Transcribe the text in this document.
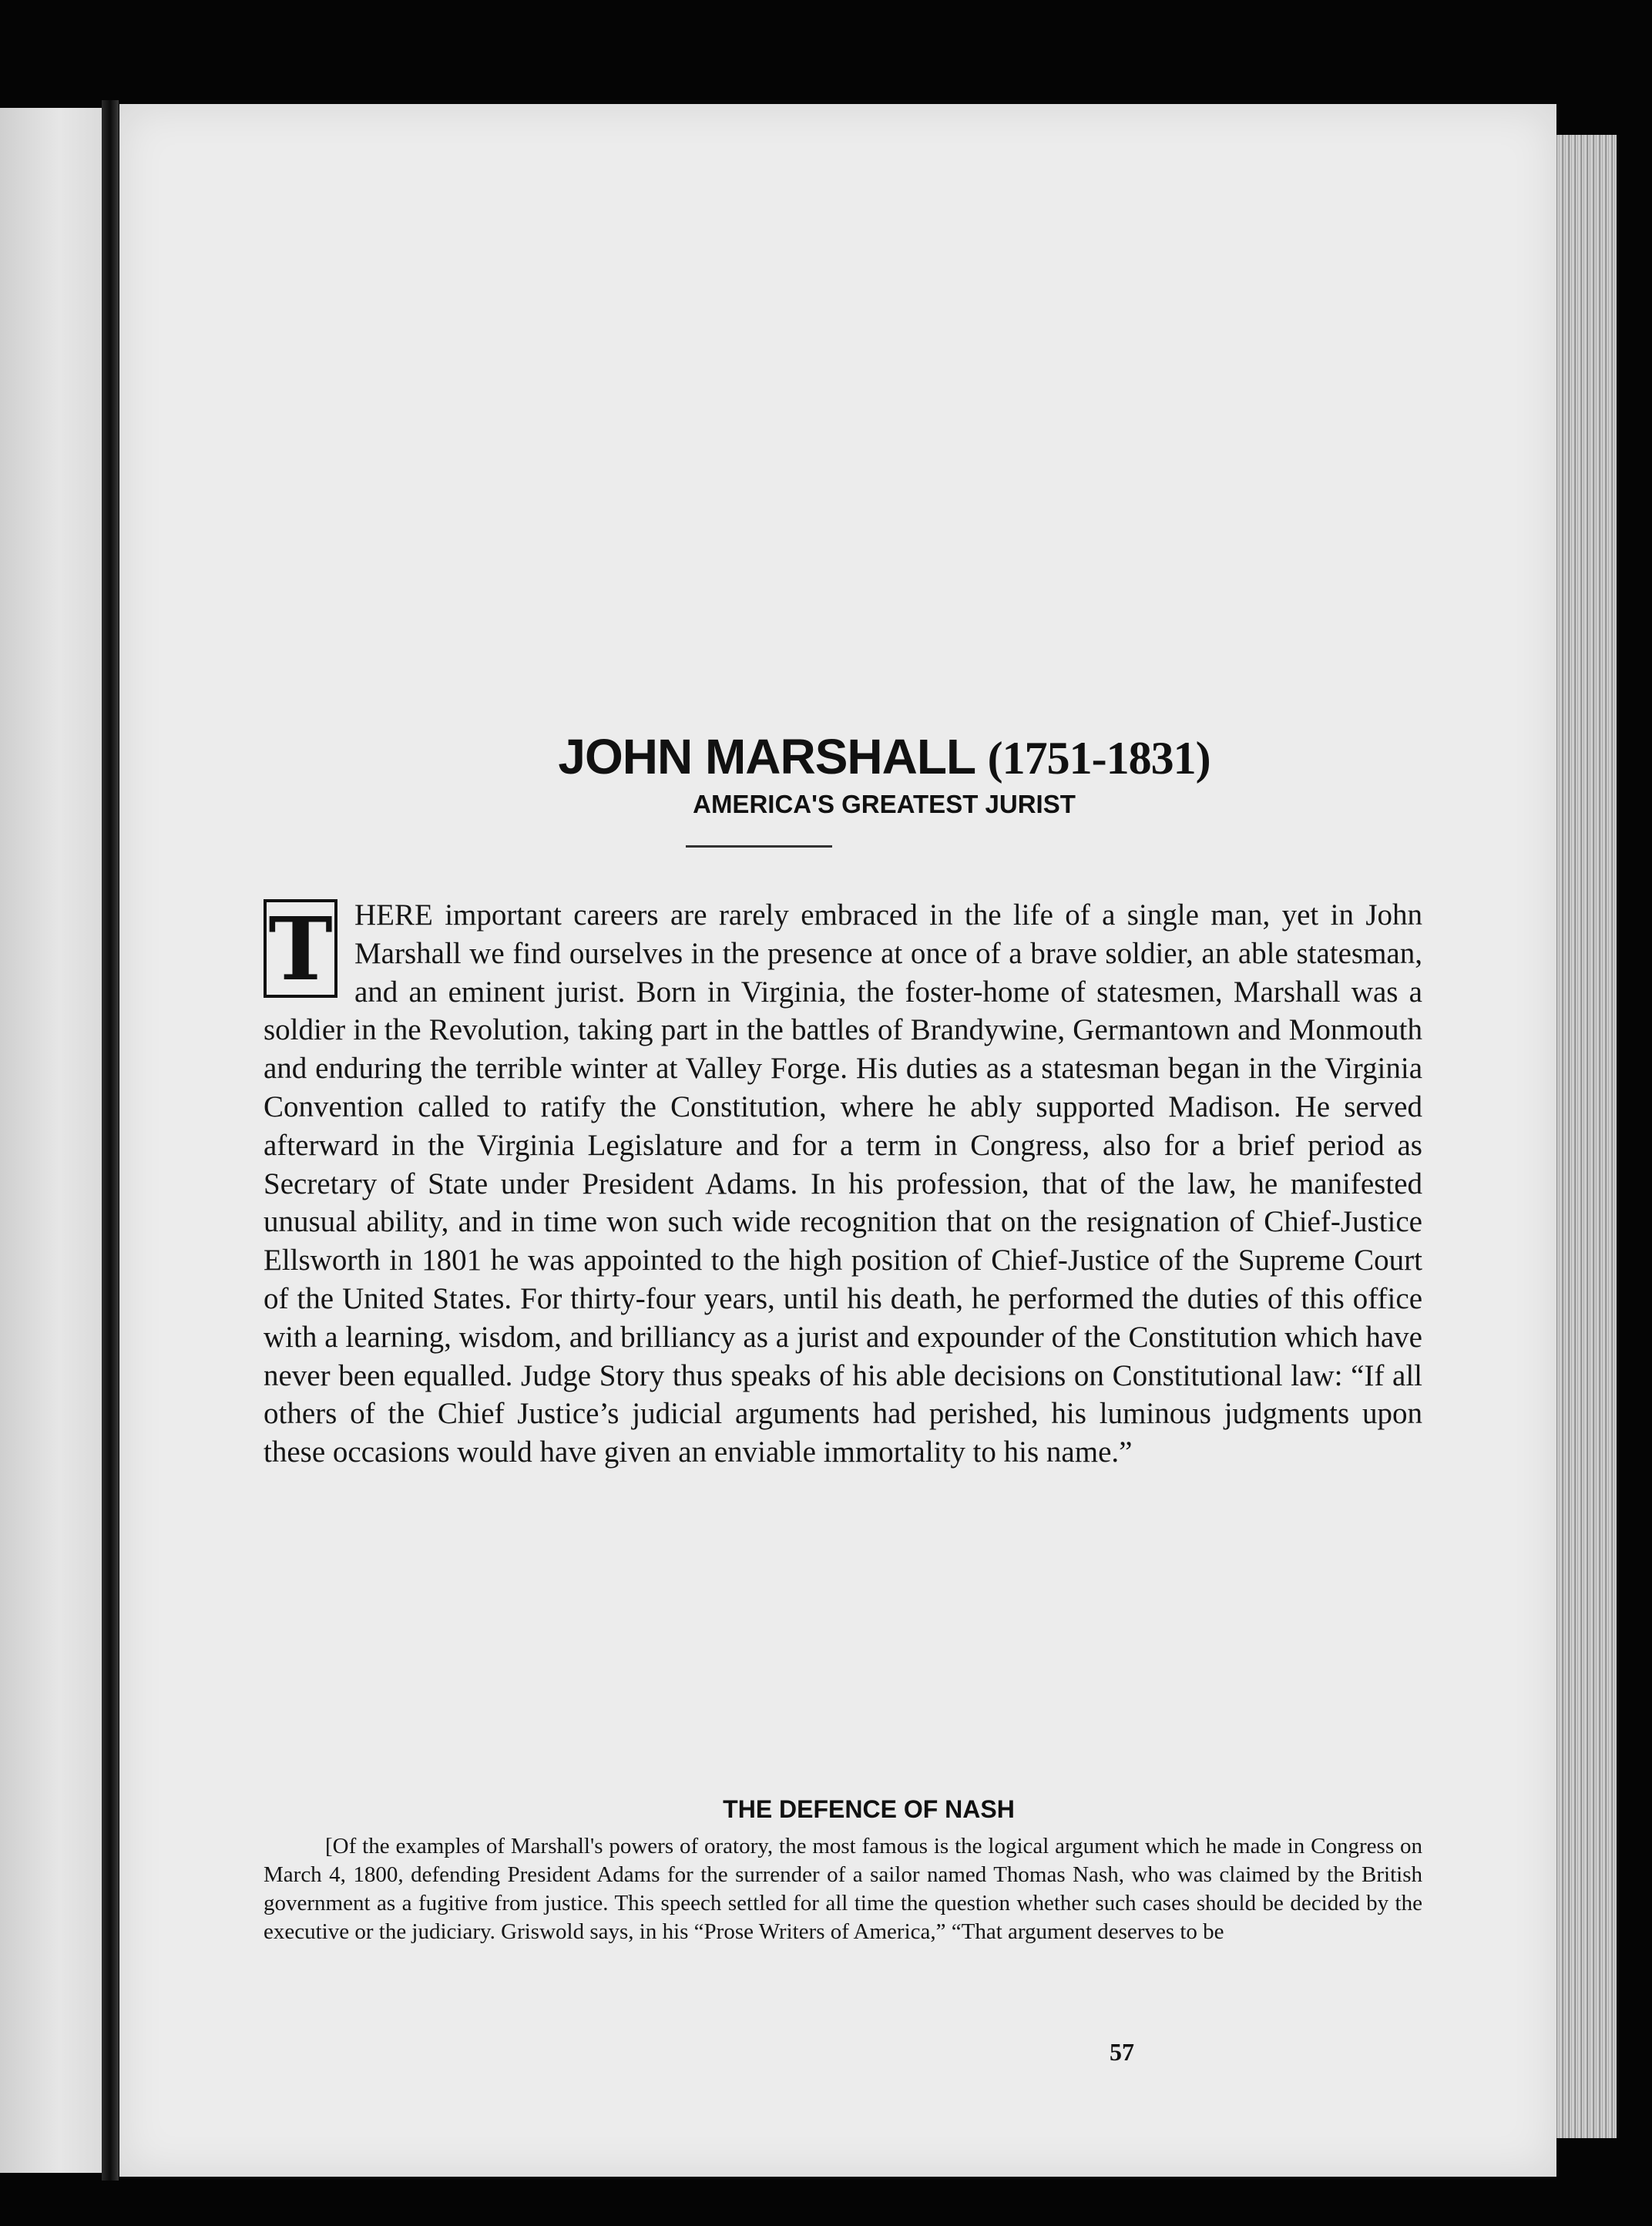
JOHN MARSHALL (1751-1831)
AMERICA'S GREATEST JURIST
T HERE important careers are rarely embraced in the life of a single man, yet in John Marshall we find ourselves in the presence at once of a brave soldier, an able statesman, and an eminent jurist. Born in Virginia, the foster-home of statesmen, Marshall was a soldier in the Revolution, taking part in the battles of Brandywine, Germantown and Monmouth and enduring the terrible winter at Valley Forge. His duties as a statesman began in the Virginia Convention called to ratify the Constitution, where he ably supported Madison. He served afterward in the Virginia Legislature and for a term in Congress, also for a brief period as Secretary of State under President Adams. In his profession, that of the law, he manifested unusual ability, and in time won such wide recognition that on the resignation of Chief-Justice Ellsworth in 1801 he was appointed to the high position of Chief-Justice of the Supreme Court of the United States. For thirty-four years, until his death, he performed the duties of this office with a learning, wisdom, and brilliancy as a jurist and expounder of the Constitution which have never been equalled. Judge Story thus speaks of his able decisions on Constitutional law: “If all others of the Chief Justice’s judicial arguments had perished, his luminous judgments upon these occasions would have given an enviable immortality to his name.”
THE DEFENCE OF NASH
[Of the examples of Marshall's powers of oratory, the most famous is the logical argument which he made in Congress on March 4, 1800, defending President Adams for the surrender of a sailor named Thomas Nash, who was claimed by the British government as a fugitive from justice. This speech settled for all time the question whether such cases should be decided by the executive or the judiciary. Griswold says, in his “Prose Writers of America,” “That argument deserves to be
57
